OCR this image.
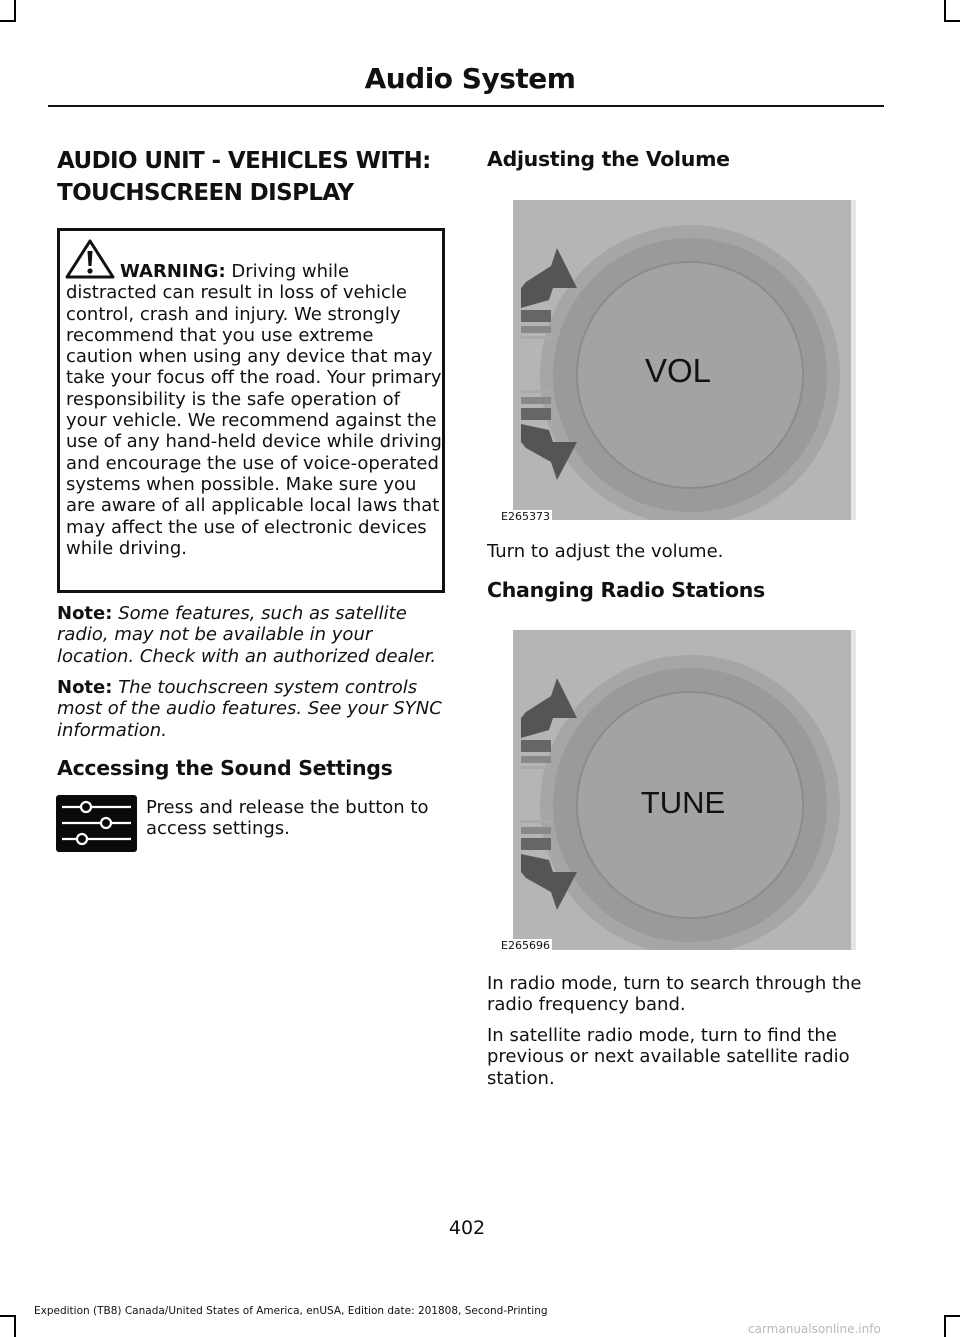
Audio System
AUDIO UNIT - VEHICLES WITH:
TOUCHSCREEN DISPLAY

WARNING: Driving while distracted can result in loss of vehicle control, crash and injury. We strongly recommend that you use extreme caution when using any device that may take your focus off the road. Your primary responsibility is the safe operation of your vehicle. We recommend against the use of any hand-held device while driving and encourage the use of voice-operated systems when possible. Make sure you are aware of all applicable local laws that may affect the use of electronic devices while driving.

Note: Some features, such as satellite radio, may not be available in your location. Check with an authorized dealer.

Note: The touchscreen system controls most of the audio features. See your SYNC information.

Accessing the Sound Settings

Press and release the button to access settings.

Adjusting the Volume
VOL
E265373

Turn to adjust the volume.

Changing Radio Stations
TUNE
E265696

In radio mode, turn to search through the radio frequency band.

In satellite radio mode, turn to find the previous or next available satellite radio station.

402
Expedition (TB8) Canada/United States of America, enUSA, Edition date: 201808, Second-Printing
carmanualsonline.info
